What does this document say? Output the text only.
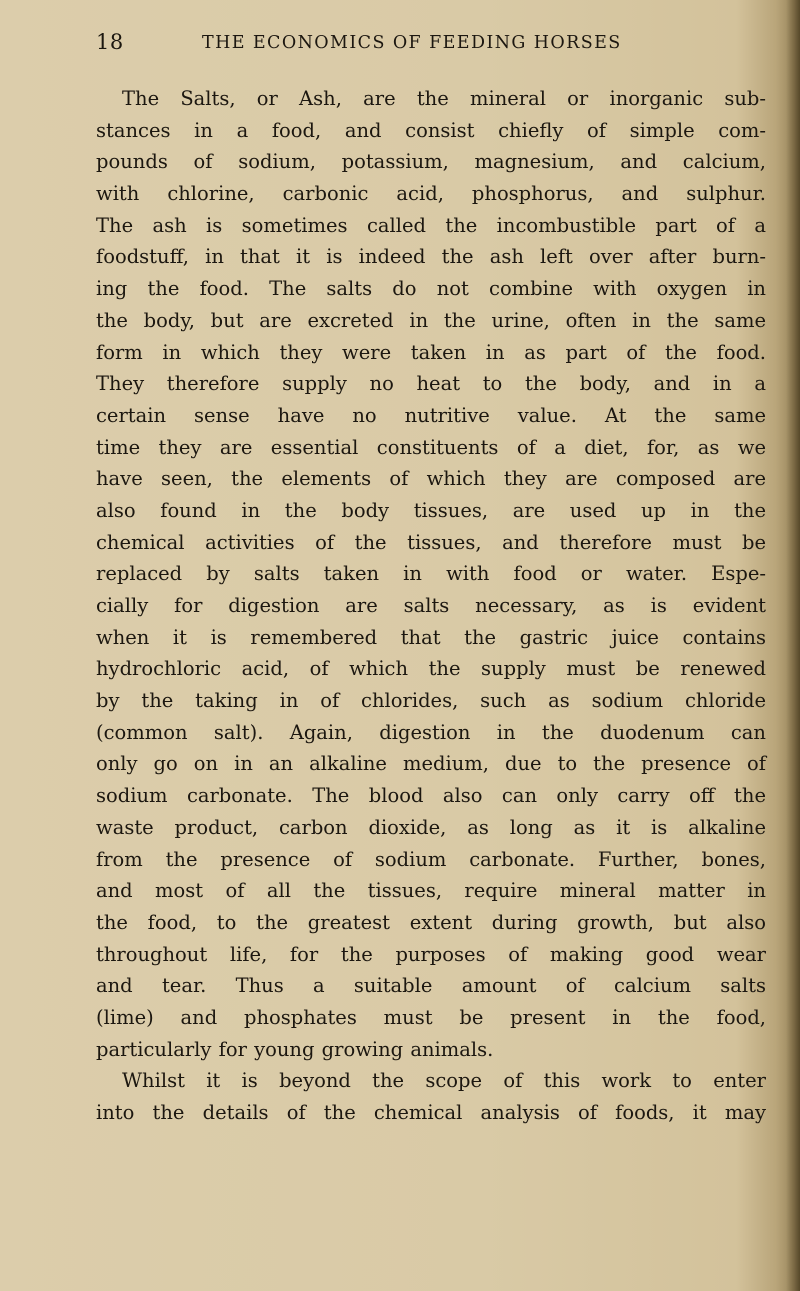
18	THE ECONOMICS OF FEEDING HORSES
The Salts, or Ash, are the mineral or inorganic sub-
stances in a food, and consist chiefly of simple com-
pounds of sodium, potassium, magnesium, and calcium,
with chlorine, carbonic acid, phosphorus, and sulphur.
The ash is sometimes called the incombustible part of a
foodstuff, in that it is indeed the ash left over after burn-
ing the food. The salts do not combine with oxygen in
the body, but are excreted in the urine, often in the same
form in which they were taken in as part of the food.
They therefore supply no heat to the body, and in a
certain sense have no nutritive value. At the same
time they are essential constituents of a diet, for, as we
have seen, the elements of which they are composed are
also found in the body tissues, are used up in the
chemical activities of the tissues, and therefore must be
replaced by salts taken in with food or water. Espe-
cially for digestion are salts necessary, as is evident
when it is remembered that the gastric juice contains
hydrochloric acid, of which the supply must be renewed
by the taking in of chlorides, such as sodium chloride
(common salt). Again, digestion in the duodenum can
only go on in an alkaline medium, due to the presence of
sodium carbonate. The blood also can only carry off the
waste product, carbon dioxide, as long as it is alkaline
from the presence of sodium carbonate. Further, bones,
and most of all the tissues, require mineral matter in
the food, to the greatest extent during growth, but also
throughout life, for the purposes of making good wear
and tear. Thus a suitable amount of calcium salts
(lime) and phosphates must be present in the food,
particularly for young growing animals.
Whilst it is beyond the scope of this work to enter
into the details of the chemical analysis of foods, it may
